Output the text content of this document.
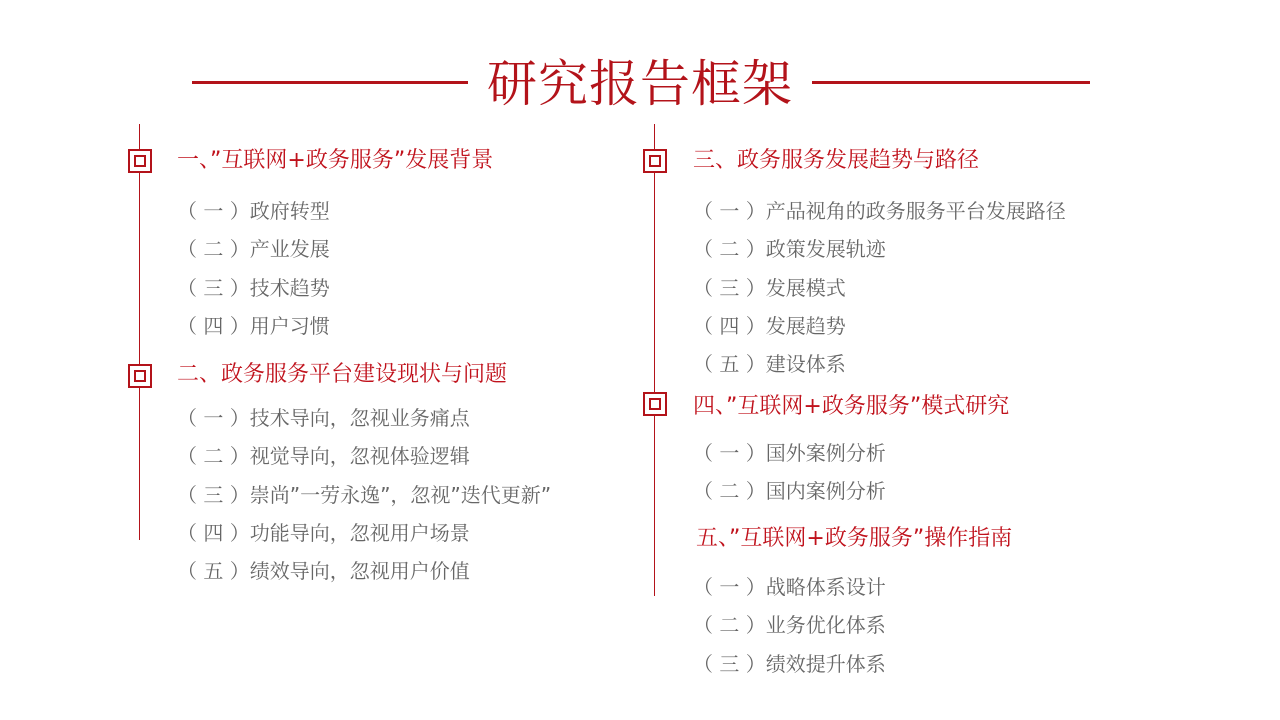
研究报告框架
一、”互联网+政务服务”发展背景
（ 一 ）政府转型
（ 二 ）产业发展
（ 三 ）技术趋势
（ 四 ）用户习惯
二、政务服务平台建设现状与问题
（ 一 ）技术导向，忽视业务痛点
（ 二 ）视觉导向，忽视体验逻辑
（ 三 ）崇尚”一劳永逸”，忽视”迭代更新”
（ 四 ）功能导向，忽视用户场景
（ 五 ）绩效导向，忽视用户价值
三、政务服务发展趋势与路径
（ 一 ）产品视角的政务服务平台发展路径
（ 二 ）政策发展轨迹
（ 三 ）发展模式
（ 四 ）发展趋势
（ 五 ）建设体系
四、”互联网+政务服务”模式研究
（ 一 ）国外案例分析
（ 二 ）国内案例分析
五、”互联网+政务服务”操作指南
（ 一 ）战略体系设计
（ 二 ）业务优化体系
（ 三 ）绩效提升体系
